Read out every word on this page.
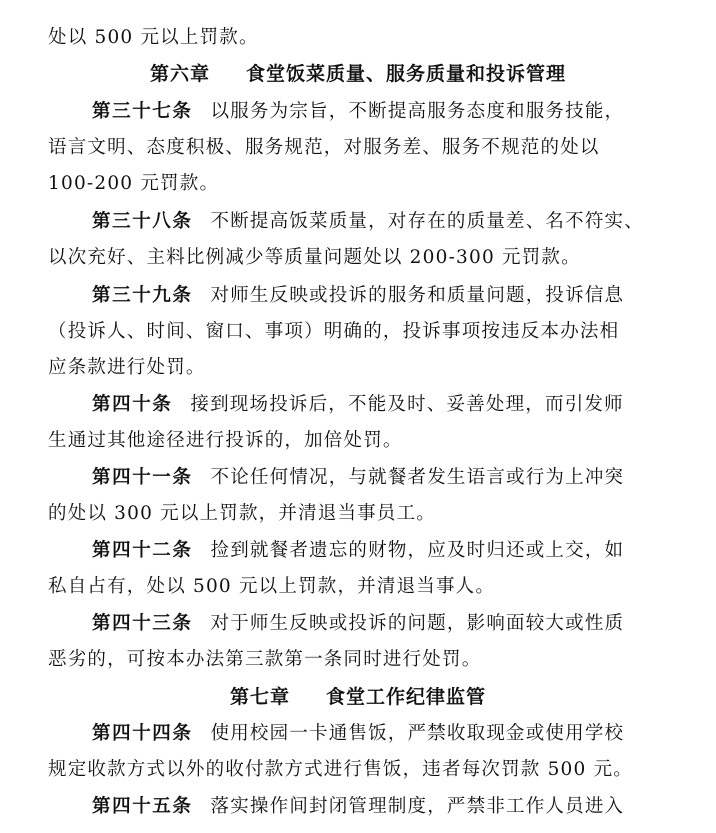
处以 500 元以上罚款。
第六章 食堂饭菜质量、服务质量和投诉管理
第三十七条 以服务为宗旨，不断提高服务态度和服务技能，
语言文明、态度积极、服务规范，对服务差、服务不规范的处以
100-200 元罚款。
第三十八条 不断提高饭菜质量，对存在的质量差、名不符实、
以次充好、主料比例减少等质量问题处以 200-300 元罚款。
第三十九条 对师生反映或投诉的服务和质量问题，投诉信息
（投诉人、时间、窗口、事项）明确的，投诉事项按违反本办法相
应条款进行处罚。
第四十条 接到现场投诉后，不能及时、妥善处理，而引发师
生通过其他途径进行投诉的，加倍处罚。
第四十一条 不论任何情况，与就餐者发生语言或行为上冲突
的处以 300 元以上罚款，并清退当事员工。
第四十二条 捡到就餐者遗忘的财物，应及时归还或上交，如
私自占有，处以 500 元以上罚款，并清退当事人。
第四十三条 对于师生反映或投诉的问题，影响面较大或性质
恶劣的，可按本办法第三款第一条同时进行处罚。
第七章 食堂工作纪律监管
第四十四条 使用校园一卡通售饭，严禁收取现金或使用学校
规定收款方式以外的收付款方式进行售饭，违者每次罚款 500 元。
第四十五条 落实操作间封闭管理制度，严禁非工作人员进入
